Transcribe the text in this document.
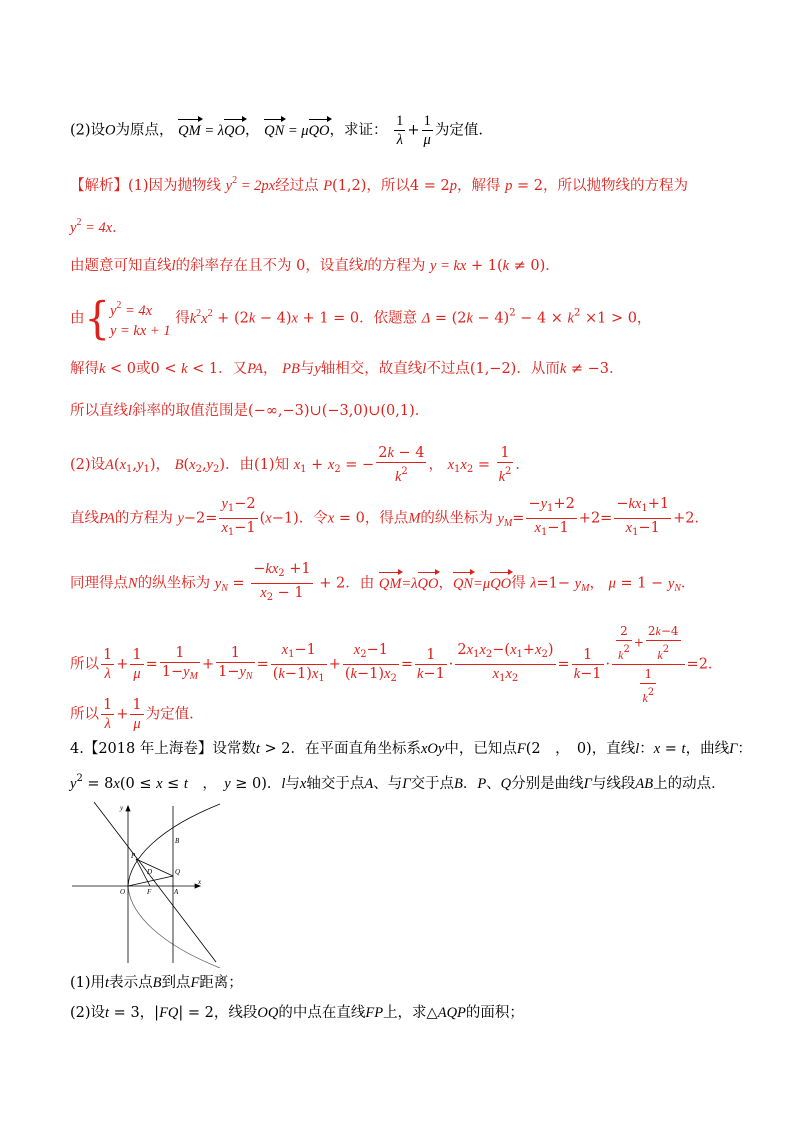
(2)设O为原点， QM = λQO， QN = μQO，求证： $\frac{1}{\lambda} + \frac{1}{\mu}$ 为定值.
【解析】(1)因为抛物线 $y^2 = 2px$经过点 P(1,2)，所以4 = 2p，解得 p = 2，所以抛物线的方程为
$y^2 = 4x$．
由题意可知直线l的斜率存在且不为 0，设直线l的方程为 y = kx + 1(k ≠ 0)．
由{ $y^2 = 4x$
y = kx + 1
得$k^2x^2 + (2k - 4)x + 1 = 0$．依题意 $\Delta = (2k - 4)^2 - 4 \times k^2 \times 1 > 0$，
解得k < 0或0 < k < 1．又PA， PB与y轴相交，故直线l不过点(1,−2)．从而k ≠ −3．
所以直线l斜率的取值范围是(−∞,−3)∪(−3,0)∪(0,1)．
(2)设$A(x_1,y_1)$， $B(x_2,y_2)$．由(1)知 $x_1 + x_2$ = − $\frac{2k - 4}{k^2}$ ， $x_1x_2 = \frac{1}{k^2}$ ．
直线PA的方程为 $y-2= \frac{y_1-2}{x_1-1} (x-1)$．令x = 0，得点M的纵坐标为 $y_M= \frac{-y_1+2}{x_1-1} +2= \frac{-kx_1+1}{x_1-1} +2$．
同理得点N的纵坐标为 $y_N = \frac{-kx_2 +1}{x_2 - 1} + 2$．由 QM=λQO，QN=μQO得 $\lambda=1- y_M$， $\mu = 1 - y_N$．
所以 $\frac{1}{\lambda} + \frac{1}{\mu} = \frac{1}{1-y_M} + \frac{1}{1-y_N} = \frac{x_1-1}{(k-1)x_1} + \frac{x_2-1}{(k-1)x_2} = \frac{1}{k-1} \cdot \frac{2x_1x_2-(x_1+x_2)}{x_1x_2} = \frac{1}{k-1} \cdot \frac{\frac{2}{k^2} + \frac{2k-4}{k^2}}{\frac{1}{k^2}} =2$．
所以 $\frac{1}{\lambda} + \frac{1}{\mu}$ 为定值.
4.【2018 年上海卷】设常数t > 2．在平面直角坐标系xOy中，已知点F(2　，　0)，直线l：x = t，曲线Γ：
$y^2 = 8x(0 \le x \le t$　，　y ≥ 0)．l与x轴交于点A、与Γ交于点B．P、Q分别是曲线Γ与线段AB上的动点．
y
x
O	F	A
B
P
Q
D
(1)用t表示点B到点F距离；
(2)设t = 3，|FQ| = 2，线段OQ的中点在直线FP上，求△AQP的面积；
